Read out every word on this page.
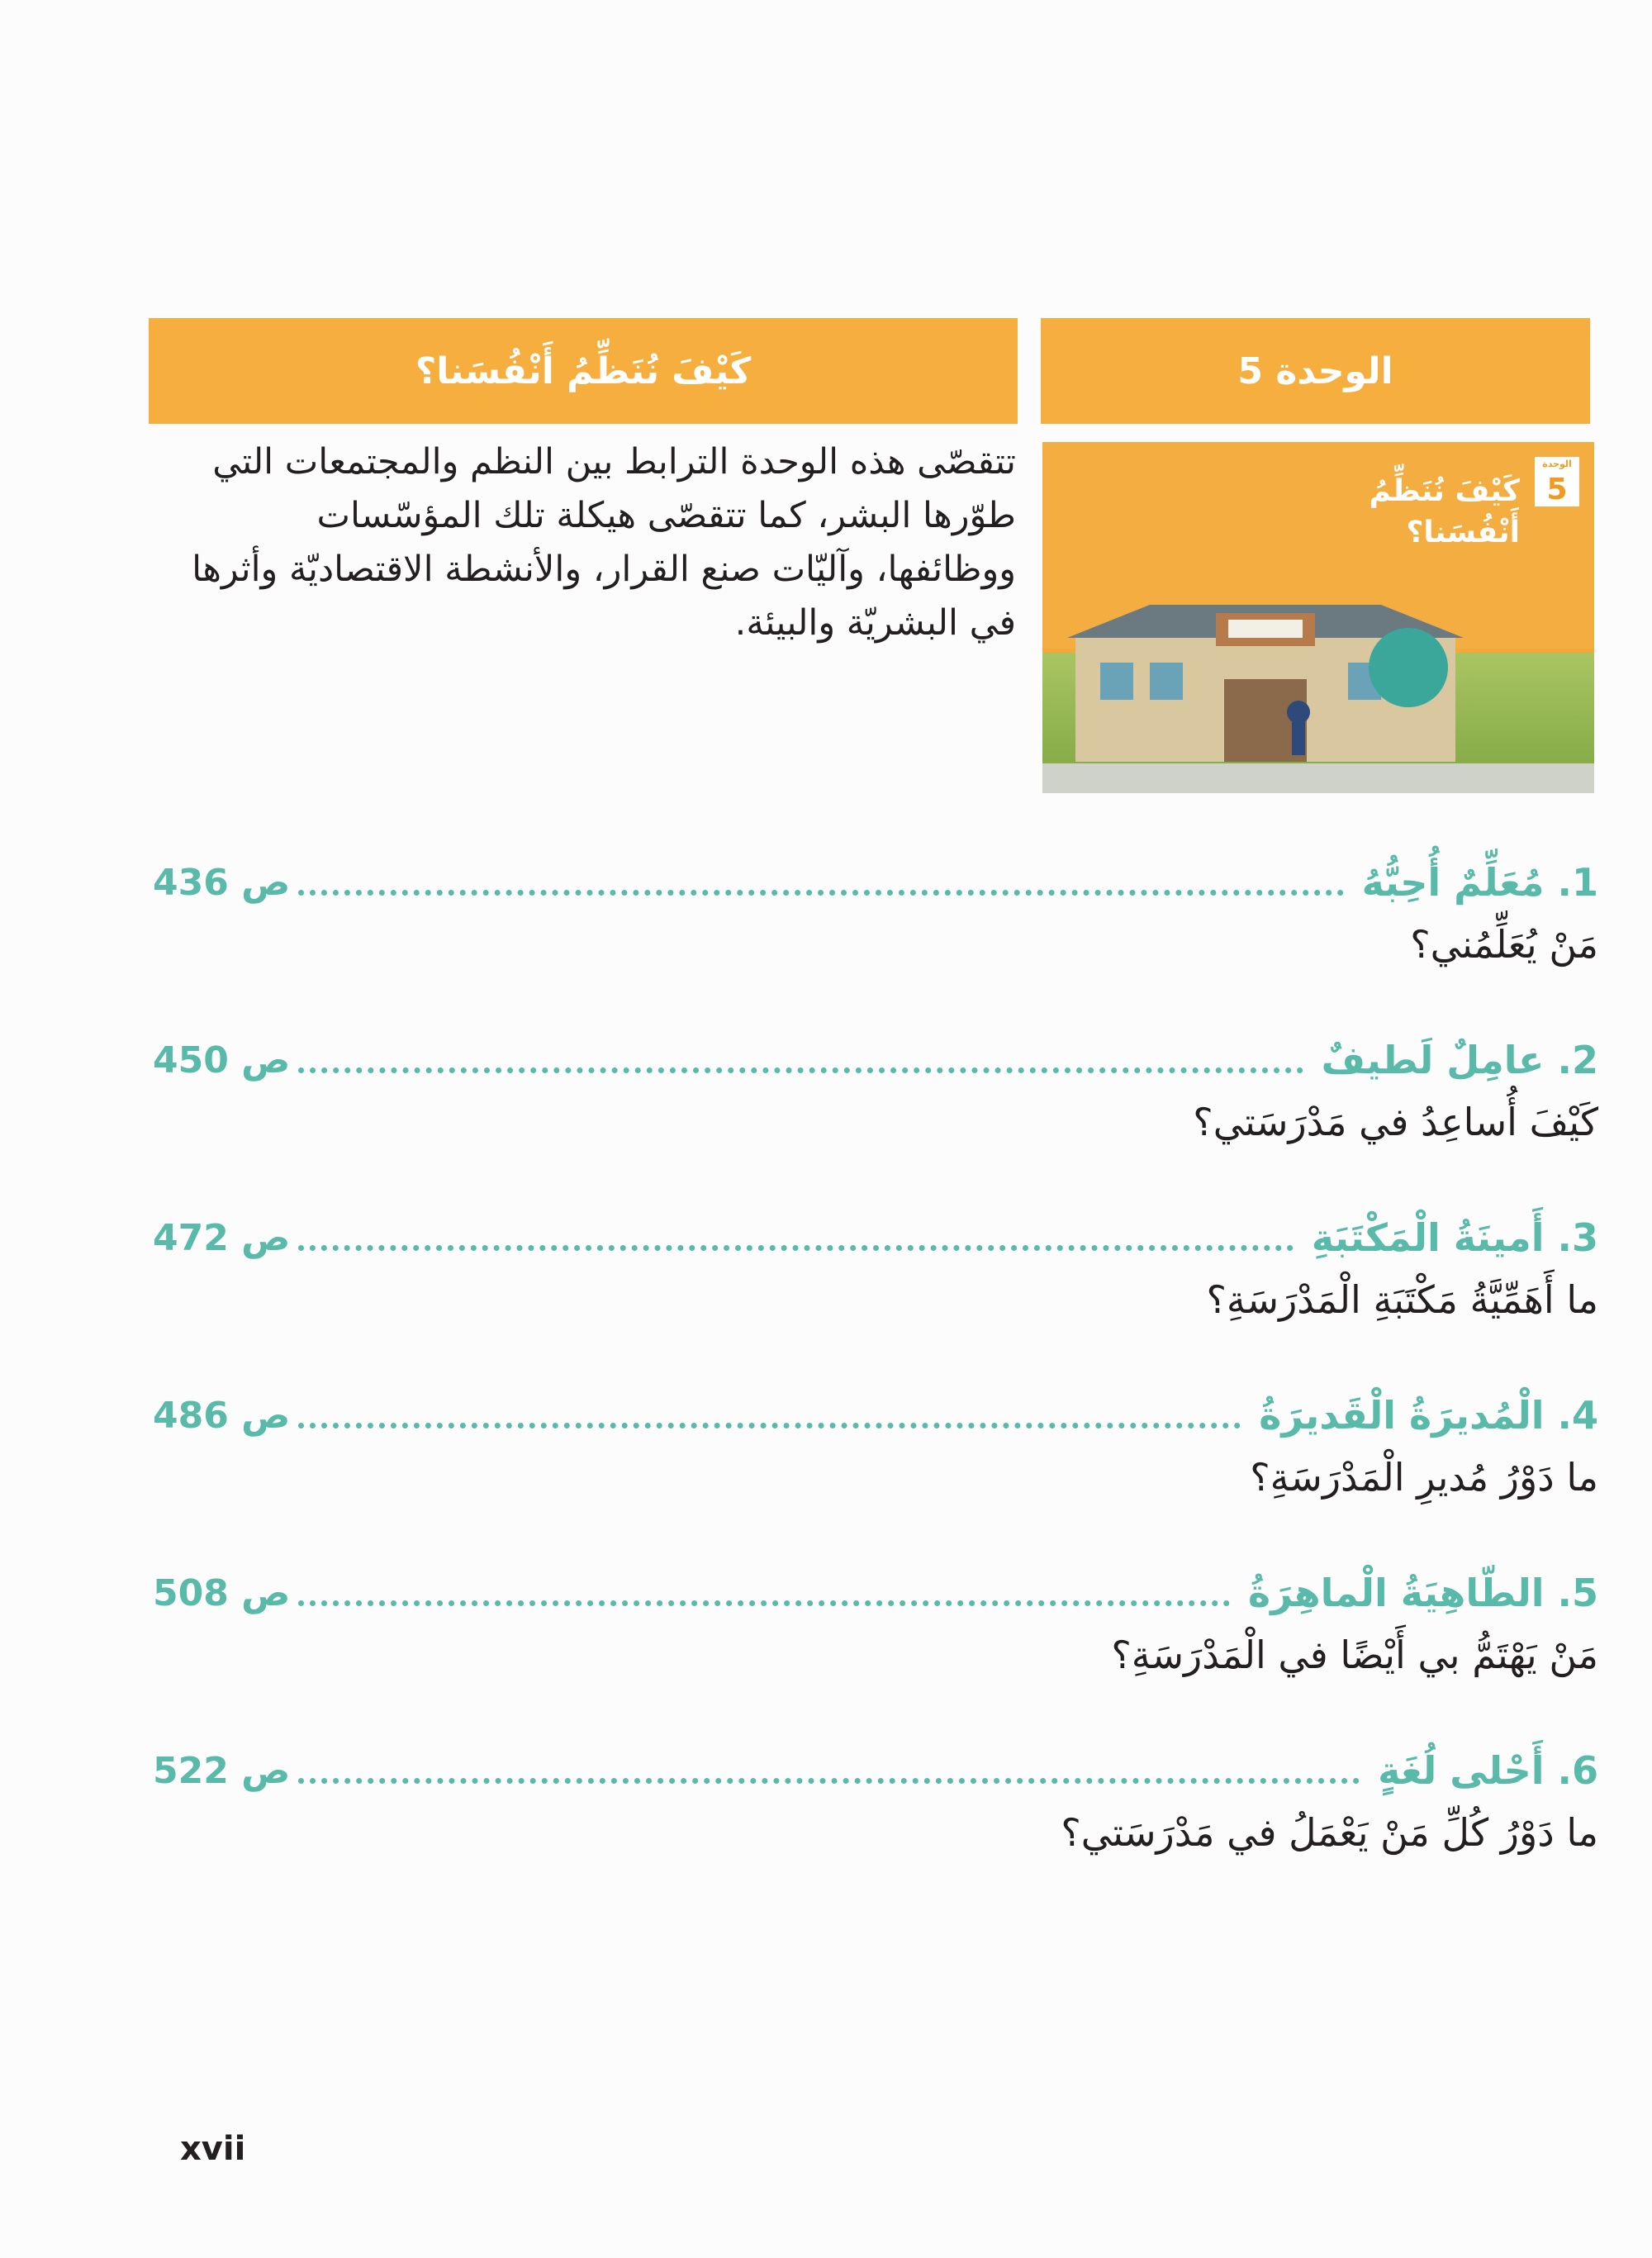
الوحدة 5
كَيْفَ نُنَظِّمُ أَنْفُسَنا؟
الوحدة
5
كَيْفَ نُنَظِّمُ
أَنْفُسَنا؟
تتقصّى هذه الوحدة الترابط بين النظم والمجتمعات التي طوّرها البشر، كما تتقصّى هيكلة تلك المؤسّسات ووظائفها، وآليّات صنع القرار، والأنشطة الاقتصاديّة وأثرها في البشريّة والبيئة.
1. مُعَلِّمٌ أُحِبُّهُ
ص 436
مَنْ يُعَلِّمُني؟
2. عامِلٌ لَطيفٌ
ص 450
كَيْفَ أُساعِدُ في مَدْرَسَتي؟
3. أَمينَةُ الْمَكْتَبَةِ
ص 472
ما أَهَمِّيَّةُ مَكْتَبَةِ الْمَدْرَسَةِ؟
4. الْمُديرَةُ الْقَديرَةُ
ص 486
ما دَوْرُ مُديرِ الْمَدْرَسَةِ؟
5. الطّاهِيَةُ الْماهِرَةُ
ص 508
مَنْ يَهْتَمُّ بي أَيْضًا في الْمَدْرَسَةِ؟
6. أَحْلى لُغَةٍ
ص 522
ما دَوْرُ كُلِّ مَنْ يَعْمَلُ في مَدْرَسَتي؟
xvii
